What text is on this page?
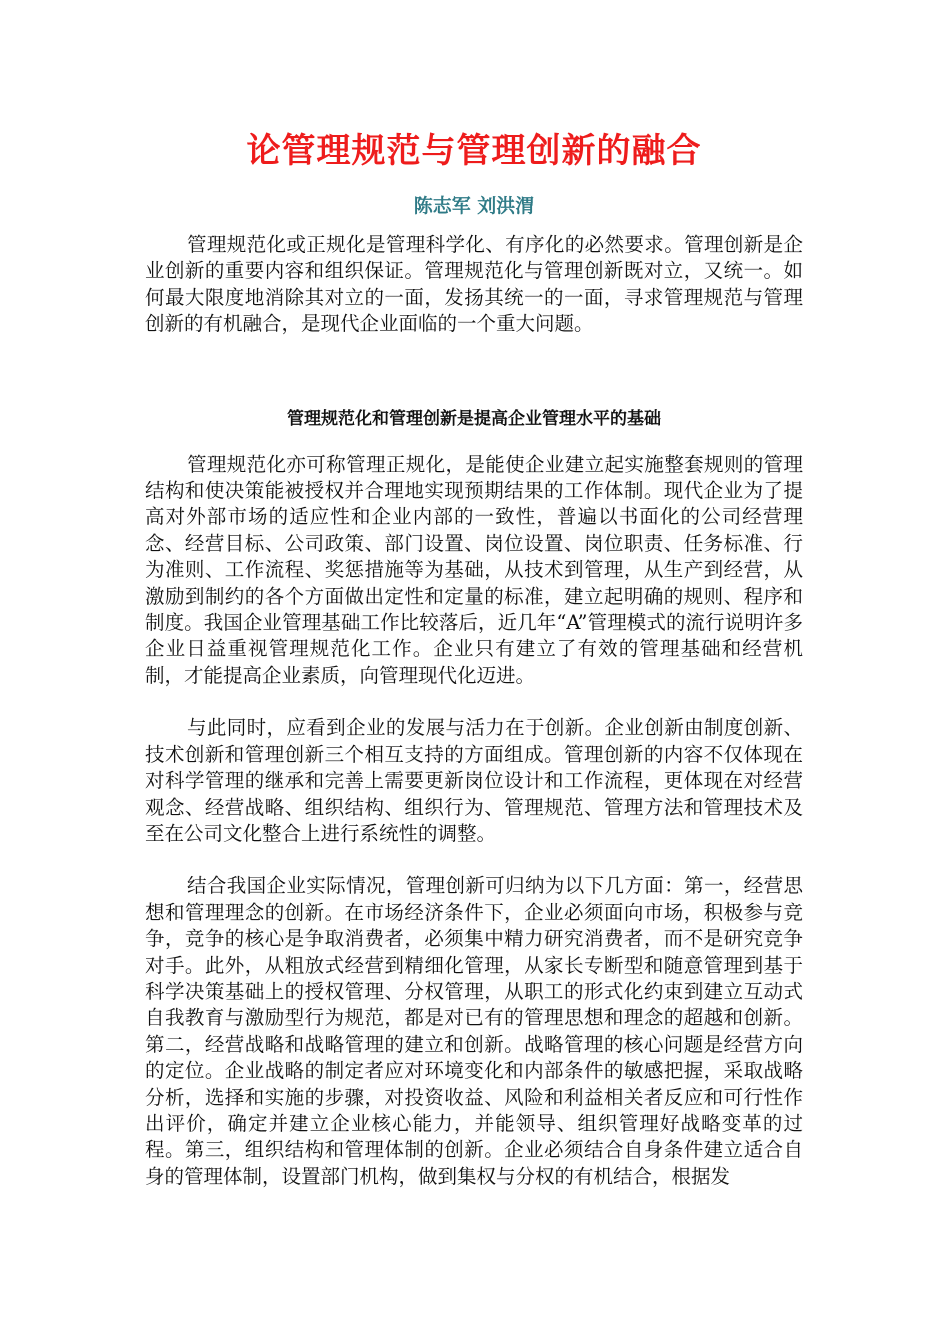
论管理规范与管理创新的融合
陈志军 刘洪渭

管理规范化或正规化是管理科学化、有序化的必然要求。管理创新是企业创新的重要内容和组织保证。管理规范化与管理创新既对立，又统一。如何最大限度地消除其对立的一面，发扬其统一的一面，寻求管理规范与管理创新的有机融合，是现代企业面临的一个重大问题。

管理规范化和管理创新是提高企业管理水平的基础

管理规范化亦可称管理正规化，是能使企业建立起实施整套规则的管理结构和使决策能被授权并合理地实现预期结果的工作体制。现代企业为了提高对外部市场的适应性和企业内部的一致性，普遍以书面化的公司经营理念、经营目标、公司政策、部门设置、岗位设置、岗位职责、任务标准、行为准则、工作流程、奖惩措施等为基础，从技术到管理，从生产到经营，从激励到制约的各个方面做出定性和定量的标准，建立起明确的规则、程序和制度。我国企业管理基础工作比较落后，近几年“A”管理模式的流行说明许多企业日益重视管理规范化工作。企业只有建立了有效的管理基础和经营机制，才能提高企业素质，向管理现代化迈进。

与此同时，应看到企业的发展与活力在于创新。企业创新由制度创新、技术创新和管理创新三个相互支持的方面组成。管理创新的内容不仅体现在对科学管理的继承和完善上需要更新岗位设计和工作流程，更体现在对经营观念、经营战略、组织结构、组织行为、管理规范、管理方法和管理技术及至在公司文化整合上进行系统性的调整。

结合我国企业实际情况，管理创新可归纳为以下几方面：第一，经营思想和管理理念的创新。在市场经济条件下，企业必须面向市场，积极参与竞争，竞争的核心是争取消费者，必须集中精力研究消费者，而不是研究竞争对手。此外，从粗放式经营到精细化管理，从家长专断型和随意管理到基于科学决策基础上的授权管理、分权管理，从职工的形式化约束到建立互动式自我教育与激励型行为规范，都是对已有的管理思想和理念的超越和创新。第二，经营战略和战略管理的建立和创新。战略管理的核心问题是经营方向的定位。企业战略的制定者应对环境变化和内部条件的敏感把握，采取战略分析，选择和实施的步骤，对投资收益、风险和利益相关者反应和可行性作出评价，确定并建立企业核心能力，并能领导、组织管理好战略变革的过程。第三，组织结构和管理体制的创新。企业必须结合自身条件建立适合自身的管理体制，设置部门机构，做到集权与分权的有机结合，根据发
